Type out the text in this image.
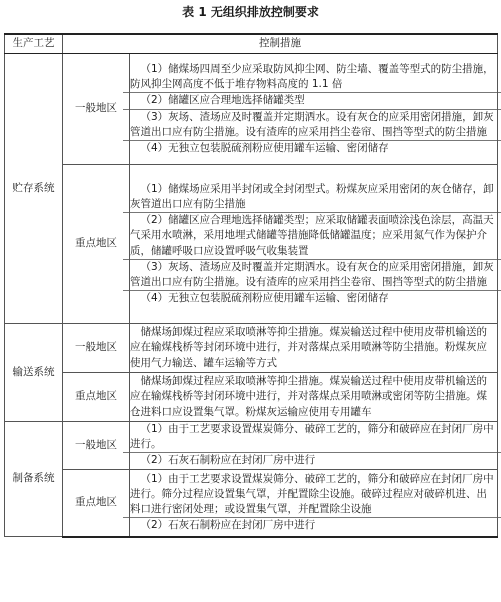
表 1 无组织排放控制要求
生产工艺	控制措施	
贮存系统	一般地区	（1）储煤场四周至少应采取防风抑尘网、防尘墙、覆盖等型式的防尘措施，防风抑尘网高度不低于堆存物料高度的 1.1 倍
（2）储罐区应合理地选择储罐类型
（3）灰场、渣场应及时覆盖并定期洒水。设有灰仓的应采用密闭措施，卸灰管道出口应有防尘措施。设有渣库的应采用挡尘卷帘、围挡等型式的防尘措施
（4）无独立包装脱硫剂粉应使用罐车运输、密闭储存

	重点地区	（1）储煤场应采用半封闭或全封闭型式。粉煤灰应采用密闭的灰仓储存，卸灰管道出口应有防尘措施
（2）储罐区应合理地选择储罐类型；应采取储罐表面喷涂浅色涂层，高温天气采用水喷淋，采用地埋式储罐等措施降低储罐温度；应采用氮气作为保护介质，储罐呼吸口应设置呼吸气收集装置
（3）灰场、渣场应及时覆盖并定期洒水。设有灰仓的应采用密闭措施，卸灰管道出口应有防尘措施。设有渣库的应采用挡尘卷帘、围挡等型式的防尘措施
（4）无独立包装脱硫剂粉应使用罐车运输、密闭储存

输送系统	一般地区	储煤场卸煤过程应采取喷淋等抑尘措施。煤炭输送过程中使用皮带机输送的应在输煤栈桥等封闭环境中进行，并对落煤点采用喷淋等防尘措施。粉煤灰应使用气力输送、罐车运输等方式

	重点地区	储煤场卸煤过程应采取喷淋等抑尘措施。煤炭输送过程中使用皮带机输送的应在输煤栈桥等封闭环境中进行，并对落煤点采用喷淋或密闭等防尘措施。煤仓进料口应设置集气罩。粉煤灰运输应使用专用罐车

制备系统	一般地区	（1）由于工艺要求设置煤炭筛分、破碎工艺的，筛分和破碎应在封闭厂房中进行。
（2）石灰石制粉应在封闭厂房中进行

	重点地区	（1）由于工艺要求设置煤炭筛分、破碎工艺的，筛分和破碎应在封闭厂房中进行。筛分过程应设置集气罩，并配置除尘设施。破碎过程应对破碎机进、出料口进行密闭处理；或设置集气罩，并配置除尘设施
（2）石灰石制粉应在封闭厂房中进行
